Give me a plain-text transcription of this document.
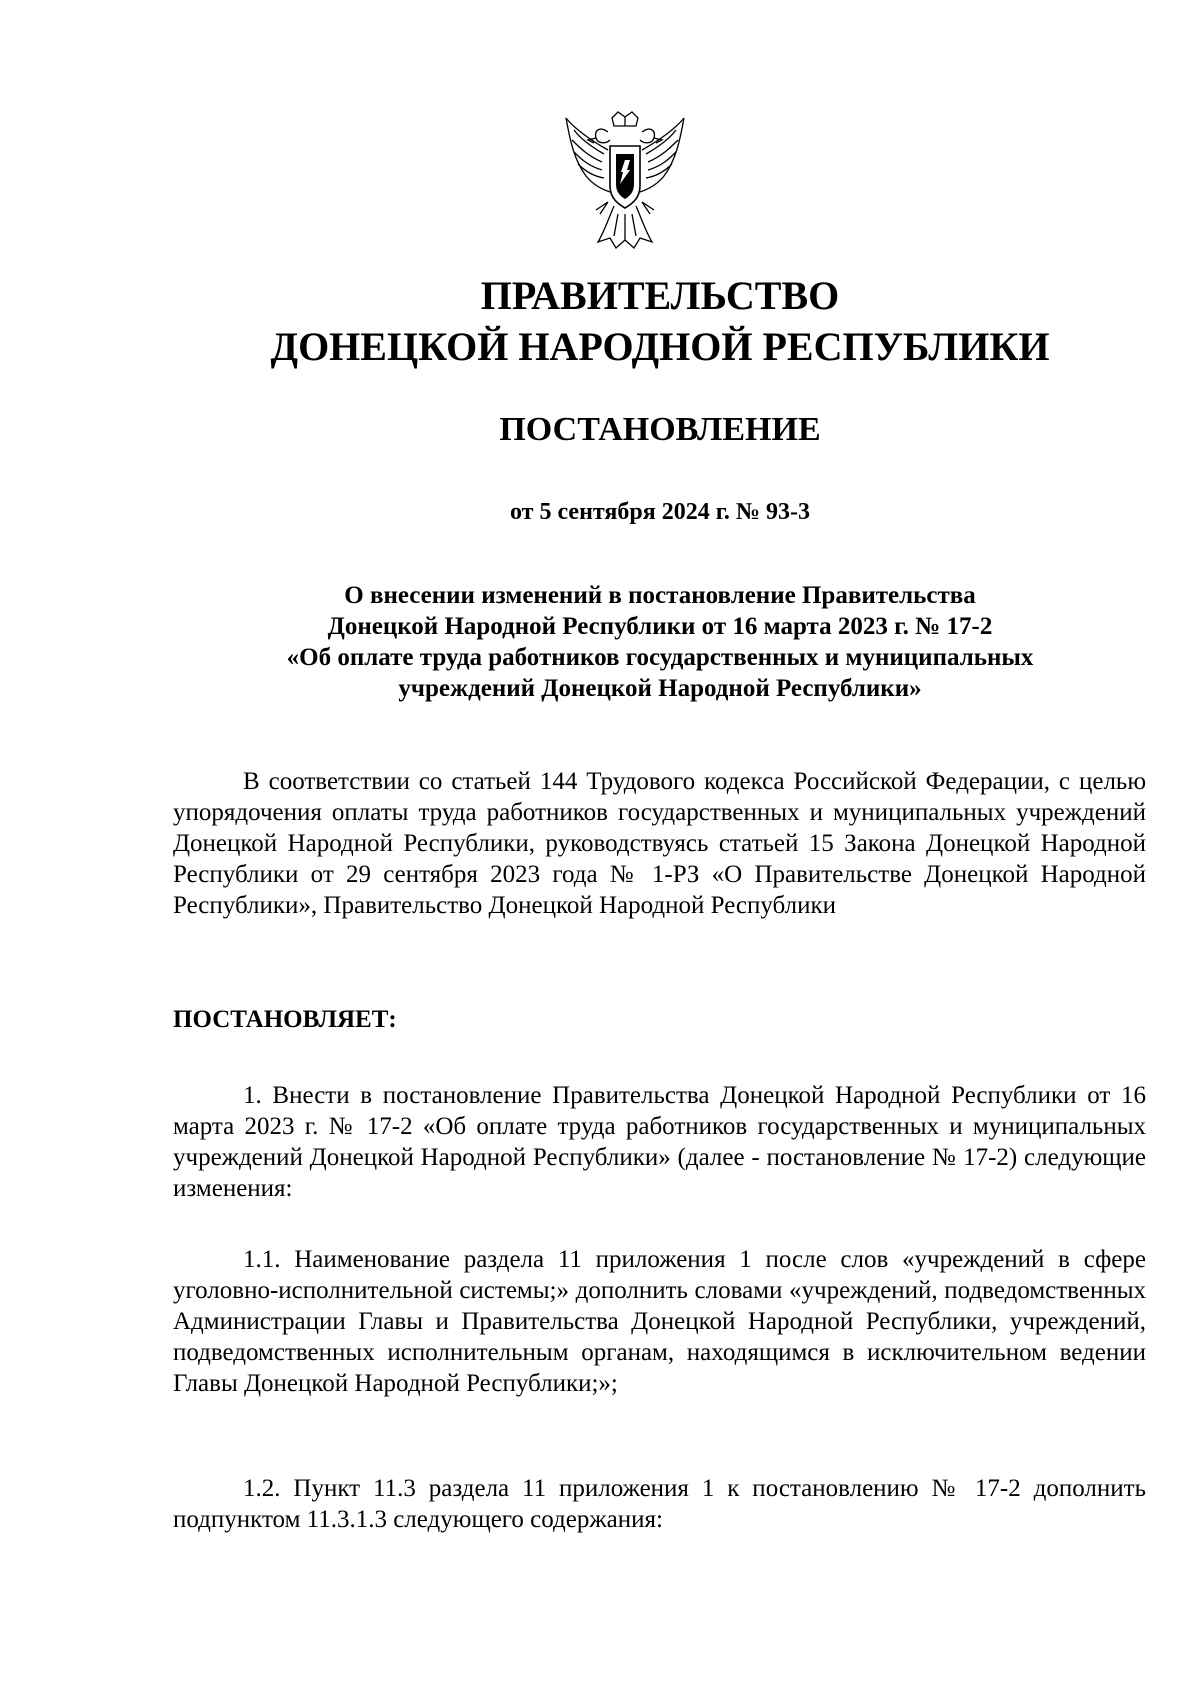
ПРАВИТЕЛЬСТВО
ДОНЕЦКОЙ НАРОДНОЙ РЕСПУБЛИКИ
ПОСТАНОВЛЕНИЕ
от 5 сентября 2024 г. № 93-3
О внесении изменений в постановление Правительства
Донецкой Народной Республики от 16 марта 2023 г. № 17-2
«Об оплате труда работников государственных и муниципальных
учреждений Донецкой Народной Республики»

В соответствии со статьей 144 Трудового кодекса Российской Федерации, с целью упорядочения оплаты труда работников государственных и муниципальных учреждений Донецкой Народной Республики, руководствуясь статьей 15 Закона Донецкой Народной Республики от 29 сентября 2023 года № 1-РЗ «О Правительстве Донецкой Народной Республики», Правительство Донецкой Народной Республики

ПОСТАНОВЛЯЕТ:

1. Внести в постановление Правительства Донецкой Народной Республики от 16 марта 2023 г. № 17-2 «Об оплате труда работников государственных и муниципальных учреждений Донецкой Народной Республики» (далее - постановление № 17-2) следующие изменения:

1.1. Наименование раздела 11 приложения 1 после слов «учреждений в сфере уголовно-исполнительной системы;» дополнить словами «учреждений, подведомственных Администрации Главы и Правительства Донецкой Народной Республики, учреждений, подведомственных исполнительным органам, находящимся в исключительном ведении Главы Донецкой Народной Республики;»;

1.2. Пункт 11.3 раздела 11 приложения 1 к постановлению № 17-2 дополнить подпунктом 11.3.1.3 следующего содержания:
